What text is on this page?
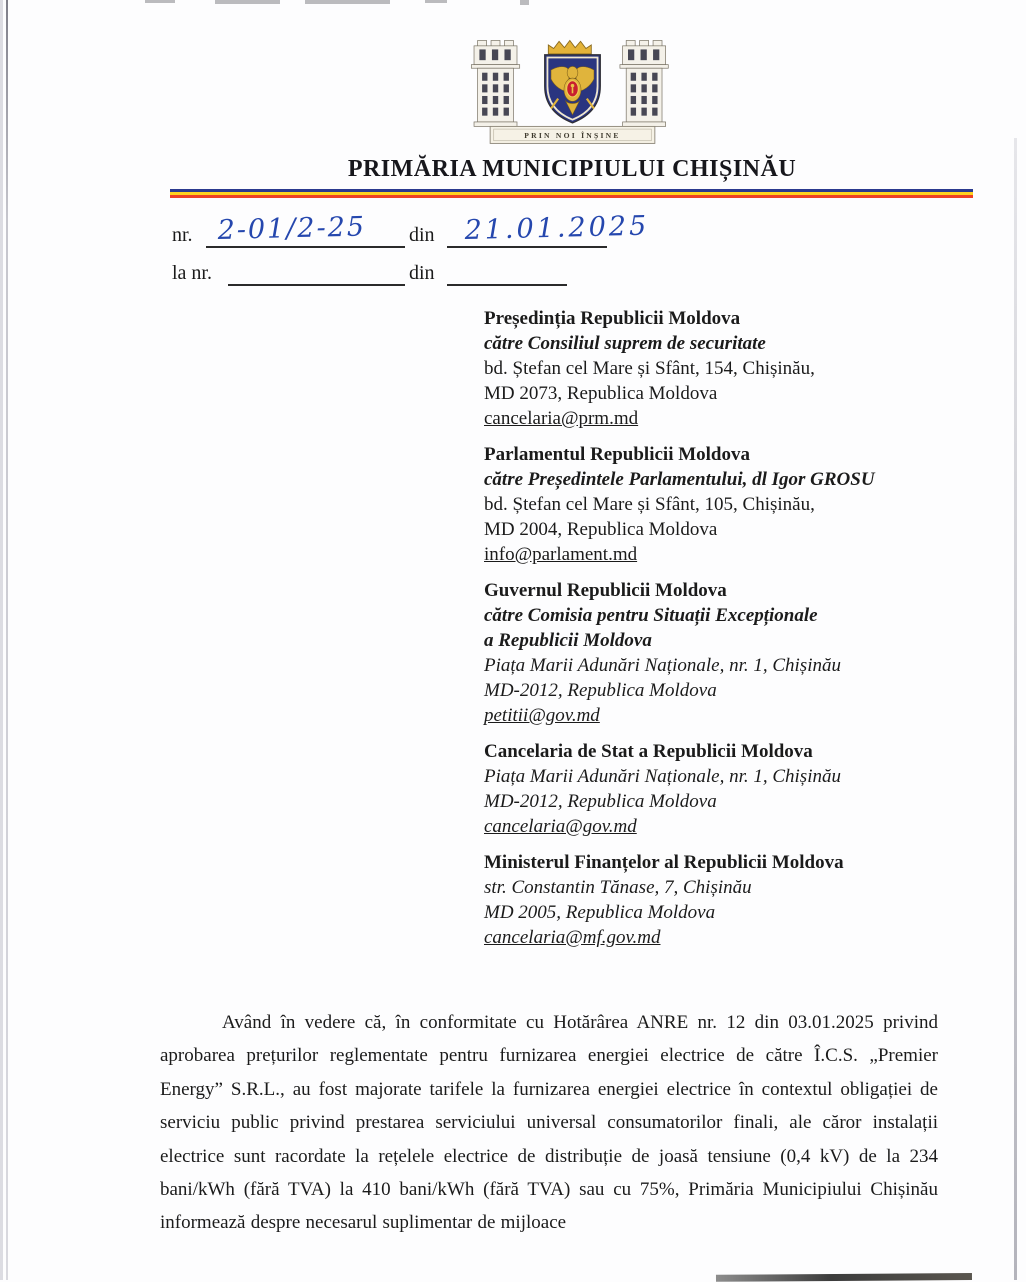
PRIN NOI ÎNȘINE
PRIMĂRIA MUNICIPIULUI CHIȘINĂU
nr. 2-01/2-25 din	21.01.2025
la nr.	din
Președinția Republicii Moldova
către Consiliul suprem de securitate
bd. Ștefan cel Mare și Sfânt, 154, Chișinău,
MD 2073, Republica Moldova
cancelaria@prm.md
Parlamentul Republicii Moldova
către Președintele Parlamentului, dl Igor GROSU
bd. Ștefan cel Mare și Sfânt, 105, Chișinău,
MD 2004, Republica Moldova
info@parlament.md
Guvernul Republicii Moldova
către Comisia pentru Situații Excepționale
a Republicii Moldova
Piața Marii Adunări Naționale, nr. 1, Chișinău
MD-2012, Republica Moldova
petitii@gov.md
Cancelaria de Stat a Republicii Moldova
Piața Marii Adunări Naționale, nr. 1, Chișinău
MD-2012, Republica Moldova
cancelaria@gov.md
Ministerul Finanțelor al Republicii Moldova
str. Constantin Tănase, 7, Chișinău
MD 2005, Republica Moldova
cancelaria@mf.gov.md
Având în vedere că, în conformitate cu Hotărârea ANRE nr. 12 din 03.01.2025 privind aprobarea prețurilor reglementate pentru furnizarea energiei electrice de către Î.C.S. „Premier Energy” S.R.L., au fost majorate tarifele la furnizarea energiei electrice în contextul obligației de serviciu public privind prestarea serviciului universal consumatorilor finali, ale căror instalații electrice sunt racordate la rețelele electrice de distribuție de joasă tensiune (0,4 kV) de la 234 bani/kWh (fără TVA) la 410 bani/kWh (fără TVA) sau cu 75%, Primăria Municipiului Chișinău informează despre necesarul suplimentar de mijloace
